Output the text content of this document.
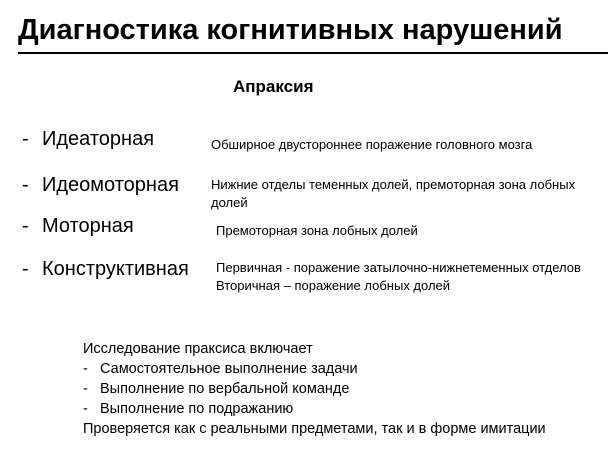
Диагностика когнитивных нарушений
Апраксия
- Идеаторная
- Идеомоторная
- Моторная
- Конструктивная
Обширное двустороннее поражение головного мозга
Нижние отделы теменных долей, премоторная зона лобных
долей
Премоторная зона лобных долей
Первичная - поражение затылочно-нижнетеменных отделов
Вторичная – поражение лобных долей
Исследование праксиса включает
- Самостоятельное выполнение задачи
- Выполнение по вербальной команде
- Выполнение по подражанию
Проверяется как с реальными предметами, так и в форме имитации
